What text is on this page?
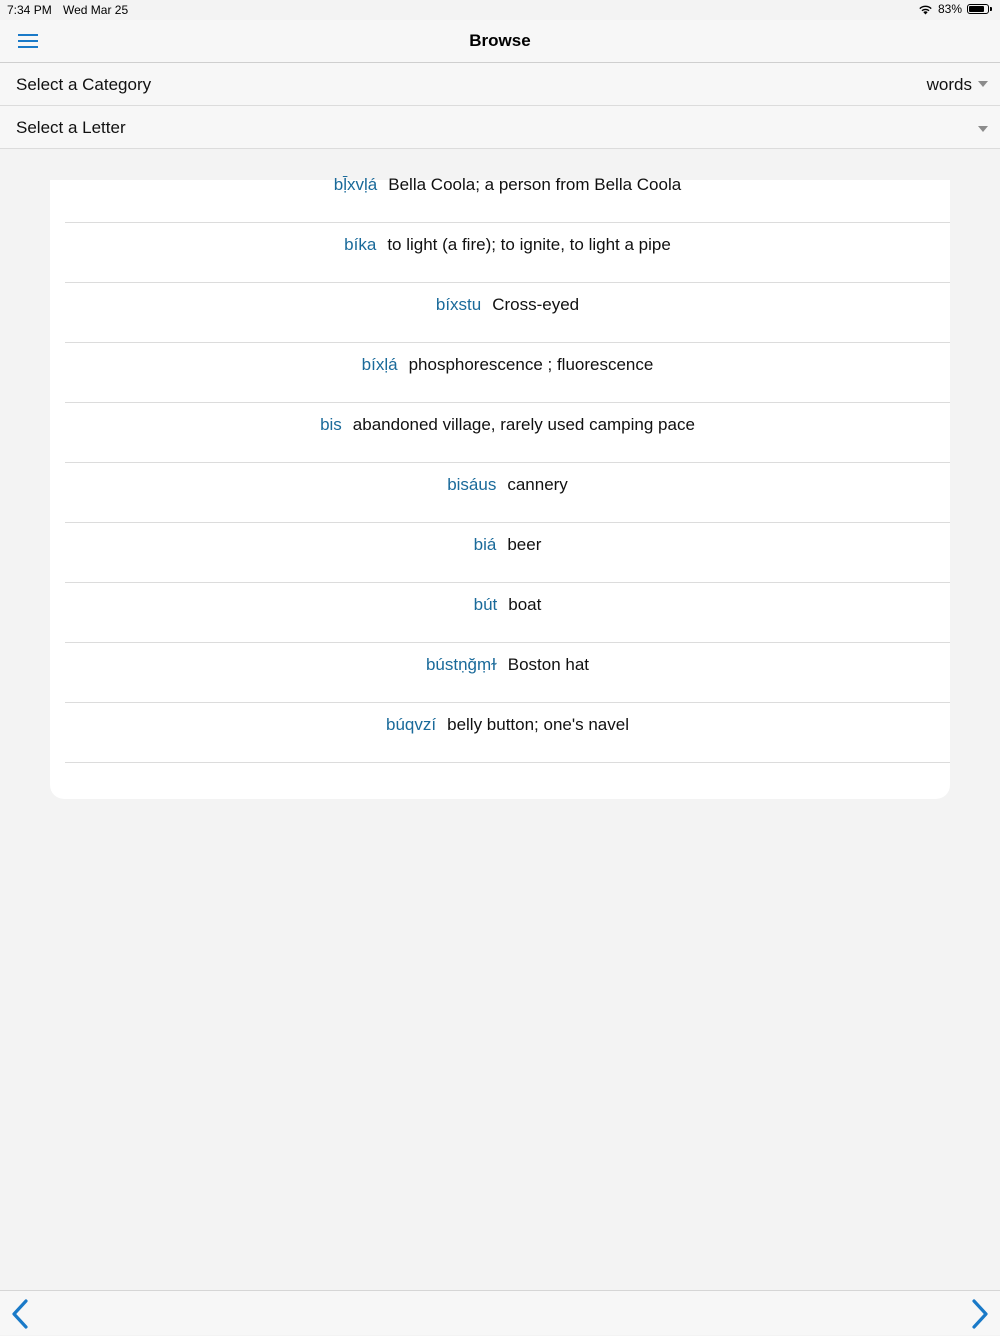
7:34 PM Wed Mar 25	83%
Browse
Select a Category	words
Select a Letter
bḹxvḷá Bella Coola; a person from Bella Coola
bíka to light (a fire); to ignite, to light a pipe
bíxstu Cross-eyed
bíxḷá phosphorescence ; fluorescence
bis abandoned village, rarely used camping pace
bisáus cannery
biá beer
bút boat
bústṇğṃɫ Boston hat
búqvzí belly button; one's navel
